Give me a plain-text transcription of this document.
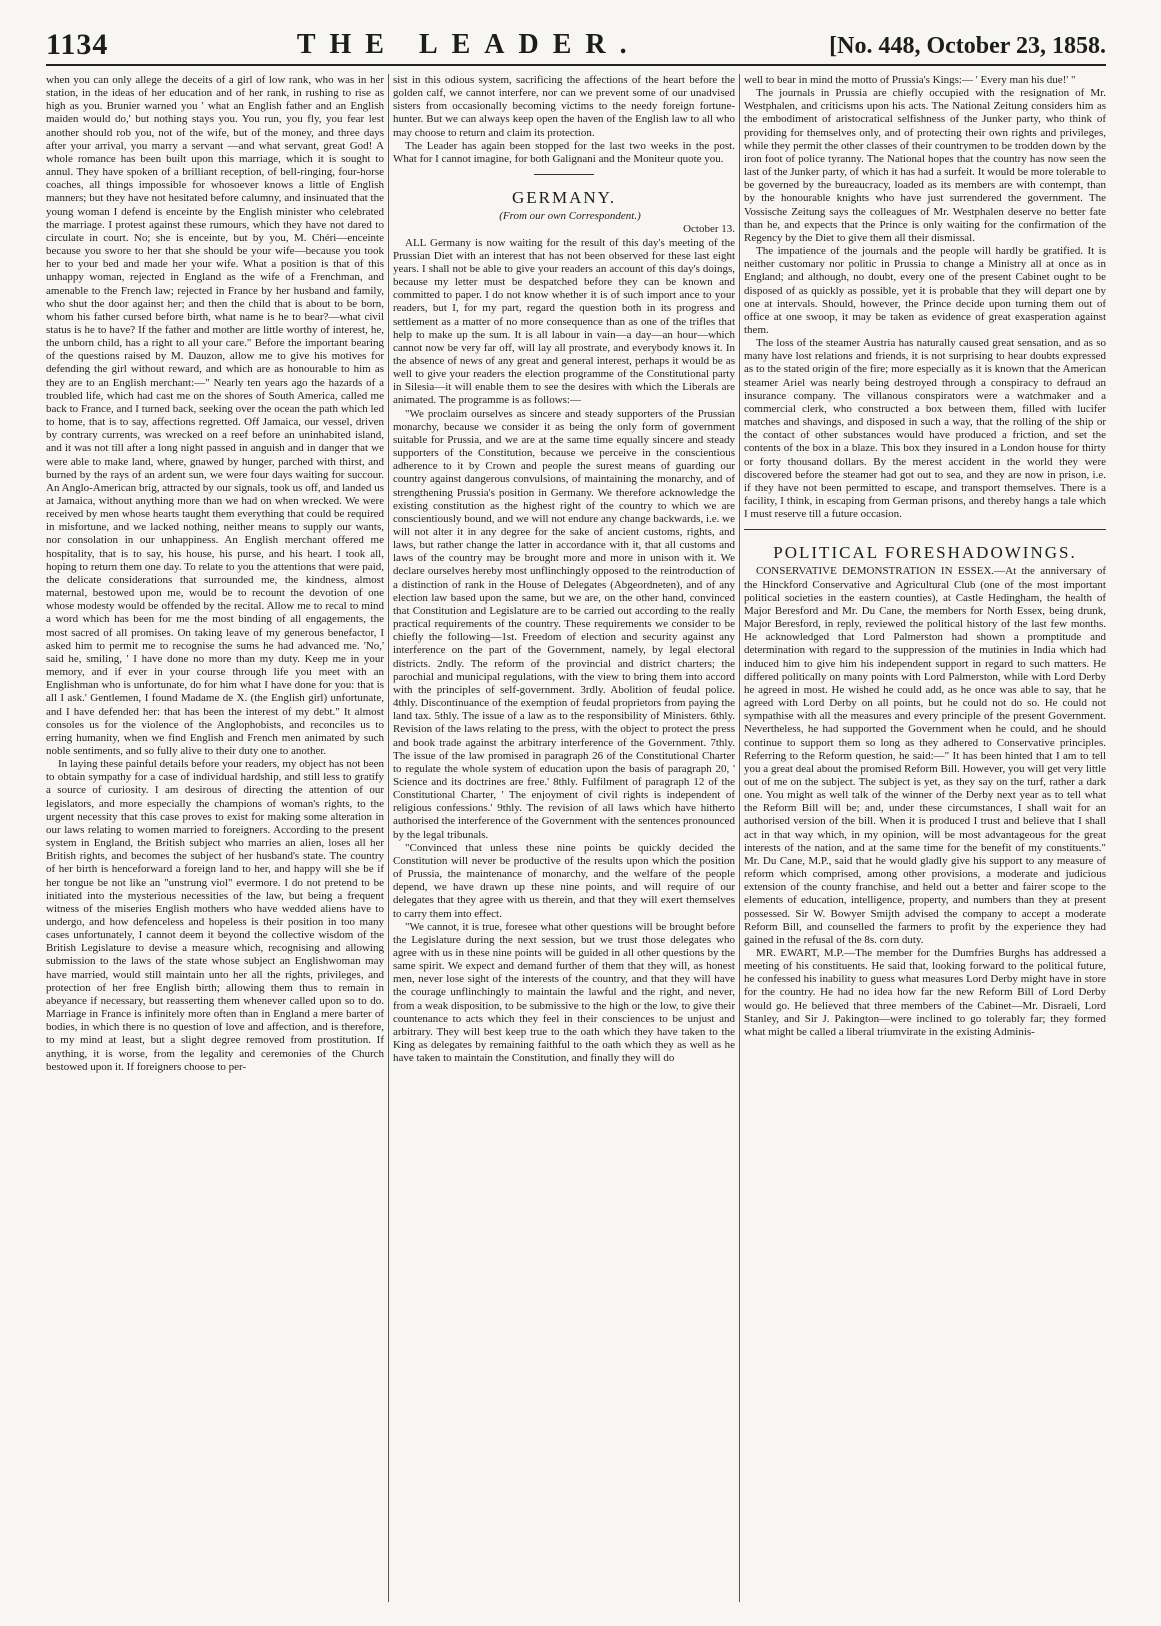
1134	THE LEADER.	[No. 448, October 23, 1858.

when you can only allege the deceits of a girl of low rank, who was in her station, in the ideas of her education and of her rank, in rushing to rise as high as you. Brunier warned you ' what an English father and an English maiden would do,' but nothing stays you. You run, you fly, you fear lest another should rob you, not of the wife, but of the money, and three days after your arrival, you marry a servant —and what servant, great God! A whole romance has been built upon this marriage, which it is sought to annul. They have spoken of a brilliant reception, of bell-ringing, four-horse coaches, all things impossible for whosoever knows a little of English manners; but they have not hesitated before calumny, and insinuated that the young woman I defend is enceinte by the English minister who celebrated the marriage. I protest against these rumours, which they have not dared to circulate in court. No; she is enceinte, but by you, M. Chéri—enceinte because you swore to her that she should be your wife—because you took her to your bed and made her your wife. What a position is that of this unhappy woman, rejected in England as the wife of a Frenchman, and amenable to the French law; rejected in France by her husband and family, who shut the door against her; and then the child that is about to be born, whom his father cursed before birth, what name is he to bear?—what civil status is he to have? If the father and mother are little worthy of interest, he, the unborn child, has a right to all your care." Before the important bearing of the questions raised by M. Dauzon, allow me to give his motives for defending the girl without reward, and which are as honourable to him as they are to an English merchant:—" Nearly ten years ago the hazards of a troubled life, which had cast me on the shores of South America, called me back to France, and I turned back, seeking over the ocean the path which led to home, that is to say, affections regretted. Off Jamaica, our vessel, driven by contrary currents, was wrecked on a reef before an uninhabited island, and it was not till after a long night passed in anguish and in danger that we were able to make land, where, gnawed by hunger, parched with thirst, and burned by the rays of an ardent sun, we were four days waiting for succour. An Anglo-American brig, attracted by our signals, took us off, and landed us at Jamaica, without anything more than we had on when wrecked. We were received by men whose hearts taught them everything that could be required in misfortune, and we lacked nothing, neither means to supply our wants, nor consolation in our unhappiness. An English merchant offered me hospitality, that is to say, his house, his purse, and his heart. I took all, hoping to return them one day. To relate to you the attentions that were paid, the delicate considerations that surrounded me, the kindness, almost maternal, bestowed upon me, would be to recount the devotion of one whose modesty would be offended by the recital. Allow me to recal to mind a word which has been for me the most binding of all engagements, the most sacred of all promises. On taking leave of my generous benefactor, I asked him to permit me to recognise the sums he had advanced me. 'No,' said he, smiling, ' I have done no more than my duty. Keep me in your memory, and if ever in your course through life you meet with an Englishman who is unfortunate, do for him what I have done for you: that is all I ask.' Gentlemen, I found Madame de X. (the English girl) unfortunate, and I have defended her: that has been the interest of my debt." It almost consoles us for the violence of the Anglophobists, and reconciles us to erring humanity, when we find English and French men animated by such noble sentiments, and so fully alive to their duty one to another.

In laying these painful details before your readers, my object has not been to obtain sympathy for a case of individual hardship, and still less to gratify a source of curiosity. I am desirous of directing the attention of our legislators, and more especially the champions of woman's rights, to the urgent necessity that this case proves to exist for making some alteration in our laws relating to women married to foreigners. According to the present system in England, the British subject who marries an alien, loses all her British rights, and becomes the subject of her husband's state. The country of her birth is henceforward a foreign land to her, and happy will she be if her tongue be not like an "unstrung viol" evermore. I do not pretend to be initiated into the mysterious necessities of the law, but being a frequent witness of the miseries English mothers who have wedded aliens have to undergo, and how defenceless and hopeless is their position in too many cases unfortunately, I cannot deem it beyond the collective wisdom of the British Legislature to devise a measure which, recognising and allowing submission to the laws of the state whose subject an Englishwoman may have married, would still maintain unto her all the rights, privileges, and protection of her free English birth; allowing them thus to remain in abeyance if necessary, but reasserting them whenever called upon so to do. Marriage in France is infinitely more often than in England a mere barter of bodies, in which there is no question of love and affection, and is therefore, to my mind at least, but a slight degree removed from prostitution. If anything, it is worse, from the legality and ceremonies of the Church bestowed upon it. If foreigners choose to per-

sist in this odious system, sacrificing the affections of the heart before the golden calf, we cannot interfere, nor can we prevent some of our unadvised sisters from occasionally becoming victims to the needy foreign fortune-hunter. But we can always keep open the haven of the English law to all who may choose to return and claim its protection.

The Leader has again been stopped for the last two weeks in the post. What for I cannot imagine, for both Galignani and the Moniteur quote you.

GERMANY.

(From our own Correspondent.)

October 13.

ALL Germany is now waiting for the result of this day's meeting of the Prussian Diet with an interest that has not been observed for these last eight years. I shall not be able to give your readers an account of this day's doings, because my letter must be despatched before they can be known and committed to paper. I do not know whether it is of such import ance to your readers, but I, for my part, regard the question both in its progress and settlement as a matter of no more consequence than as one of the trifles that help to make up the sum. It is all labour in vain—a day—an hour—which cannot now be very far off, will lay all prostrate, and everybody knows it. In the absence of news of any great and general interest, perhaps it would be as well to give your readers the election programme of the Constitutional party in Silesia—it will enable them to see the desires with which the Liberals are animated. The programme is as follows:—

"We proclaim ourselves as sincere and steady supporters of the Prussian monarchy, because we consider it as being the only form of government suitable for Prussia, and we are at the same time equally sincere and steady supporters of the Constitution, because we perceive in the conscientious adherence to it by Crown and people the surest means of guarding our country against dangerous convulsions, of maintaining the monarchy, and of strengthening Prussia's position in Germany. We therefore acknowledge the existing constitution as the highest right of the country to which we are conscientiously bound, and we will not endure any change backwards, i.e. we will not alter it in any degree for the sake of ancient customs, rights, and laws, but rather change the latter in accordance with it, that all customs and laws of the country may be brought more and more in unison with it. We declare ourselves hereby most unflinchingly opposed to the reintroduction of a distinction of rank in the House of Delegates (Abgeordneten), and of any election law based upon the same, but we are, on the other hand, convinced that Constitution and Legislature are to be carried out according to the really practical requirements of the country. These requirements we consider to be chiefly the following—1st. Freedom of election and security against any interference on the part of the Government, namely, by legal electoral districts. 2ndly. The reform of the provincial and district charters; the parochial and municipal regulations, with the view to bring them into accord with the principles of self-government. 3rdly. Abolition of feudal police. 4thly. Discontinuance of the exemption of feudal proprietors from paying the land tax. 5thly. The issue of a law as to the responsibility of Ministers. 6thly. Revision of the laws relating to the press, with the object to protect the press and book trade against the arbitrary interference of the Government. 7thly. The issue of the law promised in paragraph 26 of the Constitutional Charter to regulate the whole system of education upon the basis of paragraph 20, ' Science and its doctrines are free.' 8thly. Fulfilment of paragraph 12 of the Constitutional Charter, ' The enjoyment of civil rights is independent of religious confessions.' 9thly. The revision of all laws which have hitherto authorised the interference of the Government with the sentences pronounced by the legal tribunals.

"Convinced that unless these nine points be quickly decided the Constitution will never be productive of the results upon which the position of Prussia, the maintenance of monarchy, and the welfare of the people depend, we have drawn up these nine points, and will require of our delegates that they agree with us therein, and that they will exert themselves to carry them into effect.

"We cannot, it is true, foresee what other questions will be brought before the Legislature during the next session, but we trust those delegates who agree with us in these nine points will be guided in all other questions by the same spirit. We expect and demand further of them that they will, as honest men, never lose sight of the interests of the country, and that they will have the courage unflinchingly to maintain the lawful and the right, and never, from a weak disposition, to be submissive to the high or the low, to give their countenance to acts which they feel in their consciences to be unjust and arbitrary. They will best keep true to the oath which they have taken to the King as delegates by remaining faithful to the oath which they as well as he have taken to maintain the Constitution, and finally they will do

well to bear in mind the motto of Prussia's Kings:— ' Every man his due!' "

The journals in Prussia are chiefly occupied with the resignation of Mr. Westphalen, and criticisms upon his acts. The National Zeitung considers him as the embodiment of aristocratical selfishness of the Junker party, who think of providing for themselves only, and of protecting their own rights and privileges, while they permit the other classes of their countrymen to be trodden down by the iron foot of police tyranny. The National hopes that the country has now seen the last of the Junker party, of which it has had a surfeit. It would be more tolerable to be governed by the bureaucracy, loaded as its members are with contempt, than by the honourable knights who have just surrendered the government. The Vossische Zeitung says the colleagues of Mr. Westphalen deserve no better fate than he, and expects that the Prince is only waiting for the confirmation of the Regency by the Diet to give them all their dismissal.

The impatience of the journals and the people will hardly be gratified. It is neither customary nor politic in Prussia to change a Ministry all at once as in England; and although, no doubt, every one of the present Cabinet ought to be disposed of as quickly as possible, yet it is probable that they will depart one by one at intervals. Should, however, the Prince decide upon turning them out of office at one swoop, it may be taken as evidence of great exasperation against them.

The loss of the steamer Austria has naturally caused great sensation, and as so many have lost relations and friends, it is not surprising to hear doubts expressed as to the stated origin of the fire; more especially as it is known that the American steamer Ariel was nearly being destroyed through a conspiracy to defraud an insurance company. The villanous conspirators were a watchmaker and a commercial clerk, who constructed a box between them, filled with lucifer matches and shavings, and disposed in such a way, that the rolling of the ship or the contact of other substances would have produced a friction, and set the contents of the box in a blaze. This box they insured in a London house for thirty or forty thousand dollars. By the merest accident in the world they were discovered before the steamer had got out to sea, and they are now in prison, i.e. if they have not been permitted to escape, and transport themselves. There is a facility, I think, in escaping from German prisons, and thereby hangs a tale which I must reserve till a future occasion.

POLITICAL FORESHADOWINGS.

CONSERVATIVE DEMONSTRATION IN ESSEX.—At the anniversary of the Hinckford Conservative and Agricultural Club (one of the most important political societies in the eastern counties), at Castle Hedingham, the health of Major Beresford and Mr. Du Cane, the members for North Essex, being drunk, Major Beresford, in reply, reviewed the political history of the last few months. He acknowledged that Lord Palmerston had shown a promptitude and determination with regard to the suppression of the mutinies in India which had induced him to give him his independent support in regard to such matters. He differed politically on many points with Lord Palmerston, while with Lord Derby he agreed in most. He wished he could add, as he once was able to say, that he agreed with Lord Derby on all points, but he could not do so. He could not sympathise with all the measures and every principle of the present Government. Nevertheless, he had supported the Government when he could, and he should continue to support them so long as they adhered to Conservative principles. Referring to the Reform question, he said:—" It has been hinted that I am to tell you a great deal about the promised Reform Bill. However, you will get very little out of me on the subject. The subject is yet, as they say on the turf, rather a dark one. You might as well talk of the winner of the Derby next year as to tell what the Reform Bill will be; and, under these circumstances, I shall wait for an authorised version of the bill. When it is produced I trust and believe that I shall act in that way which, in my opinion, will be most advantageous for the great interests of the nation, and at the same time for the benefit of my constituents." Mr. Du Cane, M.P., said that he would gladly give his support to any measure of reform which comprised, among other provisions, a moderate and judicious extension of the county franchise, and held out a better and fairer scope to the elements of education, intelligence, property, and numbers than they at present possessed. Sir W. Bowyer Smijth advised the company to accept a moderate Reform Bill, and counselled the farmers to profit by the experience they had gained in the refusal of the 8s. corn duty.

MR. EWART, M.P.—The member for the Dumfries Burghs has addressed a meeting of his constituents. He said that, looking forward to the political future, he confessed his inability to guess what measures Lord Derby might have in store for the country. He had no idea how far the new Reform Bill of Lord Derby would go. He believed that three members of the Cabinet—Mr. Disraeli, Lord Stanley, and Sir J. Pakington—were inclined to go tolerably far; they formed what might be called a liberal triumvirate in the existing Adminis-
